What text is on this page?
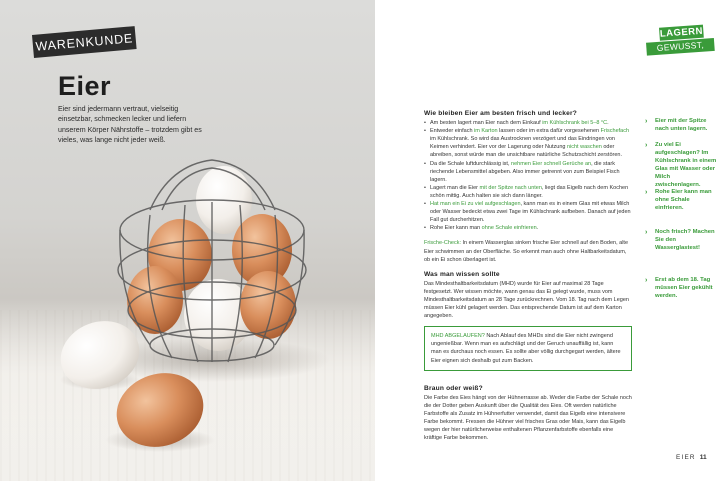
WARENKUNDE
Eier
Eier sind jedermann vertraut, vielseitig einsetzbar, schmecken lecker und liefern unserem Körper Nährstoffe – trotzdem gibt es vieles, was lange nicht jeder weiß.
LAGERN
GEWUSST, WIE!
Wie bleiben Eier am besten frisch und lecker?
• Am besten lagert man Eier nach dem Einkauf im Kühlschrank bei 5–8 °C.
• Entweder einfach im Karton lassen oder im extra dafür vorgesehenen Frischefach im Kühlschrank. So wird das Austrocknen verzögert und das Eindringen von Keimen verhindert. Eier vor der Lagerung oder Nutzung nicht waschen oder abreiben, sonst würde man die unsichtbare natürliche Schutzschicht zerstören.
• Da die Schale luftdurchlässig ist, nehmen Eier schnell Gerüche an, die stark riechende Lebensmittel abgeben. Also immer getrennt von zum Beispiel Fisch lagern.
• Lagert man die Eier mit der Spitze nach unten, liegt das Eigelb nach dem Kochen schön mittig. Auch halten sie sich dann länger.
• Hat man ein Ei zu viel aufgeschlagen, kann man es in einem Glas mit etwas Milch oder Wasser bedeckt etwa zwei Tage im Kühlschrank aufbeben. Danach auf jeden Fall gut durcherhitzen.
• Rohe Eier kann man ohne Schale einfrieren.

Frische-Check: In einem Wasserglas sinken frische Eier schnell auf den Boden, alte Eier schwimmen an der Oberfläche. So erkennt man auch ohne Haltbarkeitsdatum, ob ein Ei schon überlagert ist.

Was man wissen sollte

Das Mindesthaltbarkeitsdatum (MHD) wurde für Eier auf maximal 28 Tage festgesetzt. Wer wissen möchte, wann genau das Ei gelegt wurde, muss vom Mindesthaltbarkeitsdatum an 28 Tage zurückrechnen. Vom 18. Tag nach dem Legen müssen Eier kühl gelagert werden. Das entsprechende Datum ist auf dem Karton angegeben.

MHD ABGELAUFEN? Nach Ablauf des MHDs sind die Eier nicht zwingend ungenießbar. Wenn man es aufschlägt und der Geruch unauffällig ist, kann man es durchaus noch essen. Es sollte aber völlig durchgegart werden, ältere Eier eignen sich deshalb gut zum Backen.
Braun oder weiß?

Die Farbe des Eies hängt von der Hühnerrasse ab. Weder die Farbe der Schale noch die der Dotter geben Auskunft über die Qualität des Eies. Oft werden natürliche Farbstoffe als Zusatz im Hühnerfutter verwendet, damit das Eigelb eine intensivere Farbe bekommt. Fressen die Hühner viel frisches Gras oder Mais, kann das Eigelb wegen der hier natürlicherweise enthaltenen Pflanzenfarbstoffe ebenfalls eine kräftige Farbe bekommen.

› Eier mit der Spitze nach unten lagern.
› Zu viel Ei aufgeschlagen? Im Kühlschrank in einem Glas mit Wasser oder Milch zwischenlagern.
› Rohe Eier kann man ohne Schale einfrieren.
› Noch frisch? Machen Sie den Wasserglastest!
› Erst ab dem 18. Tag müssen Eier gekühlt werden.
EIER 11
